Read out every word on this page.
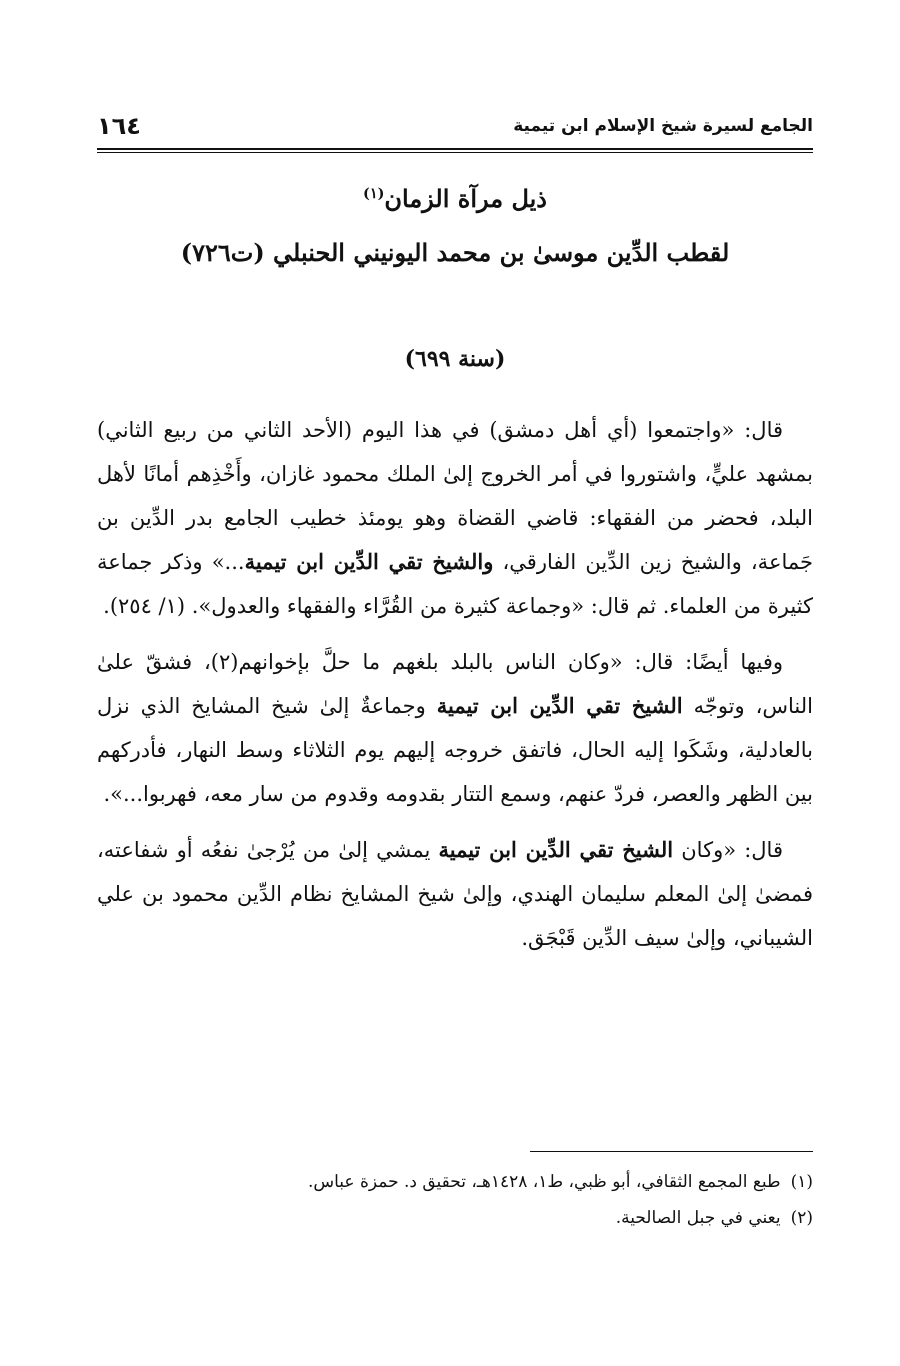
الجامع لسيرة شيخ الإسلام ابن تيمية
١٦٤
ذيل مرآة الزمان$^{(١)}$
لقطب الدِّين موسىٰ بن محمد اليونيني الحنبلي (ت٧٢٦)
(سنة ٦٩٩)

قال: «واجتمعوا (أي أهل دمشق) في هذا اليوم (الأحد الثاني من ربيع الثاني) بمشهد عليٍّ، واشتوروا في أمر الخروج إلىٰ الملك محمود غازان، وأَخْذِهم أمانًا لأهل البلد، فحضر من الفقهاء: قاضي القضاة وهو يومئذ خطيب الجامع بدر الدِّين بن جَماعة، والشيخ زين الدِّين الفارقي، والشيخ تقي الدِّين ابن تيمية...» وذكر جماعة كثيرة من العلماء. ثم قال: «وجماعة كثيرة من القُرَّاء والفقهاء والعدول». (١/ ٢٥٤).

وفيها أيضًا: قال: «وكان الناس بالبلد بلغهم ما حلَّ بإخوانهم(٢)، فشقّ علىٰ الناس، وتوجّه الشيخ تقي الدِّين ابن تيمية وجماعةٌ إلىٰ شيخ المشايخ الذي نزل بالعادلية، وشَكَوا إليه الحال، فاتفق خروجه إليهم يوم الثلاثاء وسط النهار، فأدركهم بين الظهر والعصر، فردّ عنهم، وسمع التتار بقدومه وقدوم من سار معه، فهربوا...».

قال: «وكان الشيخ تقي الدِّين ابن تيمية يمشي إلىٰ من يُرْجىٰ نفعُه أو شفاعته، فمضىٰ إلىٰ المعلم سليمان الهندي، وإلىٰ شيخ المشايخ نظام الدِّين محمود بن علي الشيباني، وإلىٰ سيف الدِّين قَبْجَق.

(١)طبع المجمع الثقافي، أبو ظبي، ط١، ١٤٢٨هـ، تحقيق د. حمزة عباس.
(٢)يعني في جبل الصالحية.
